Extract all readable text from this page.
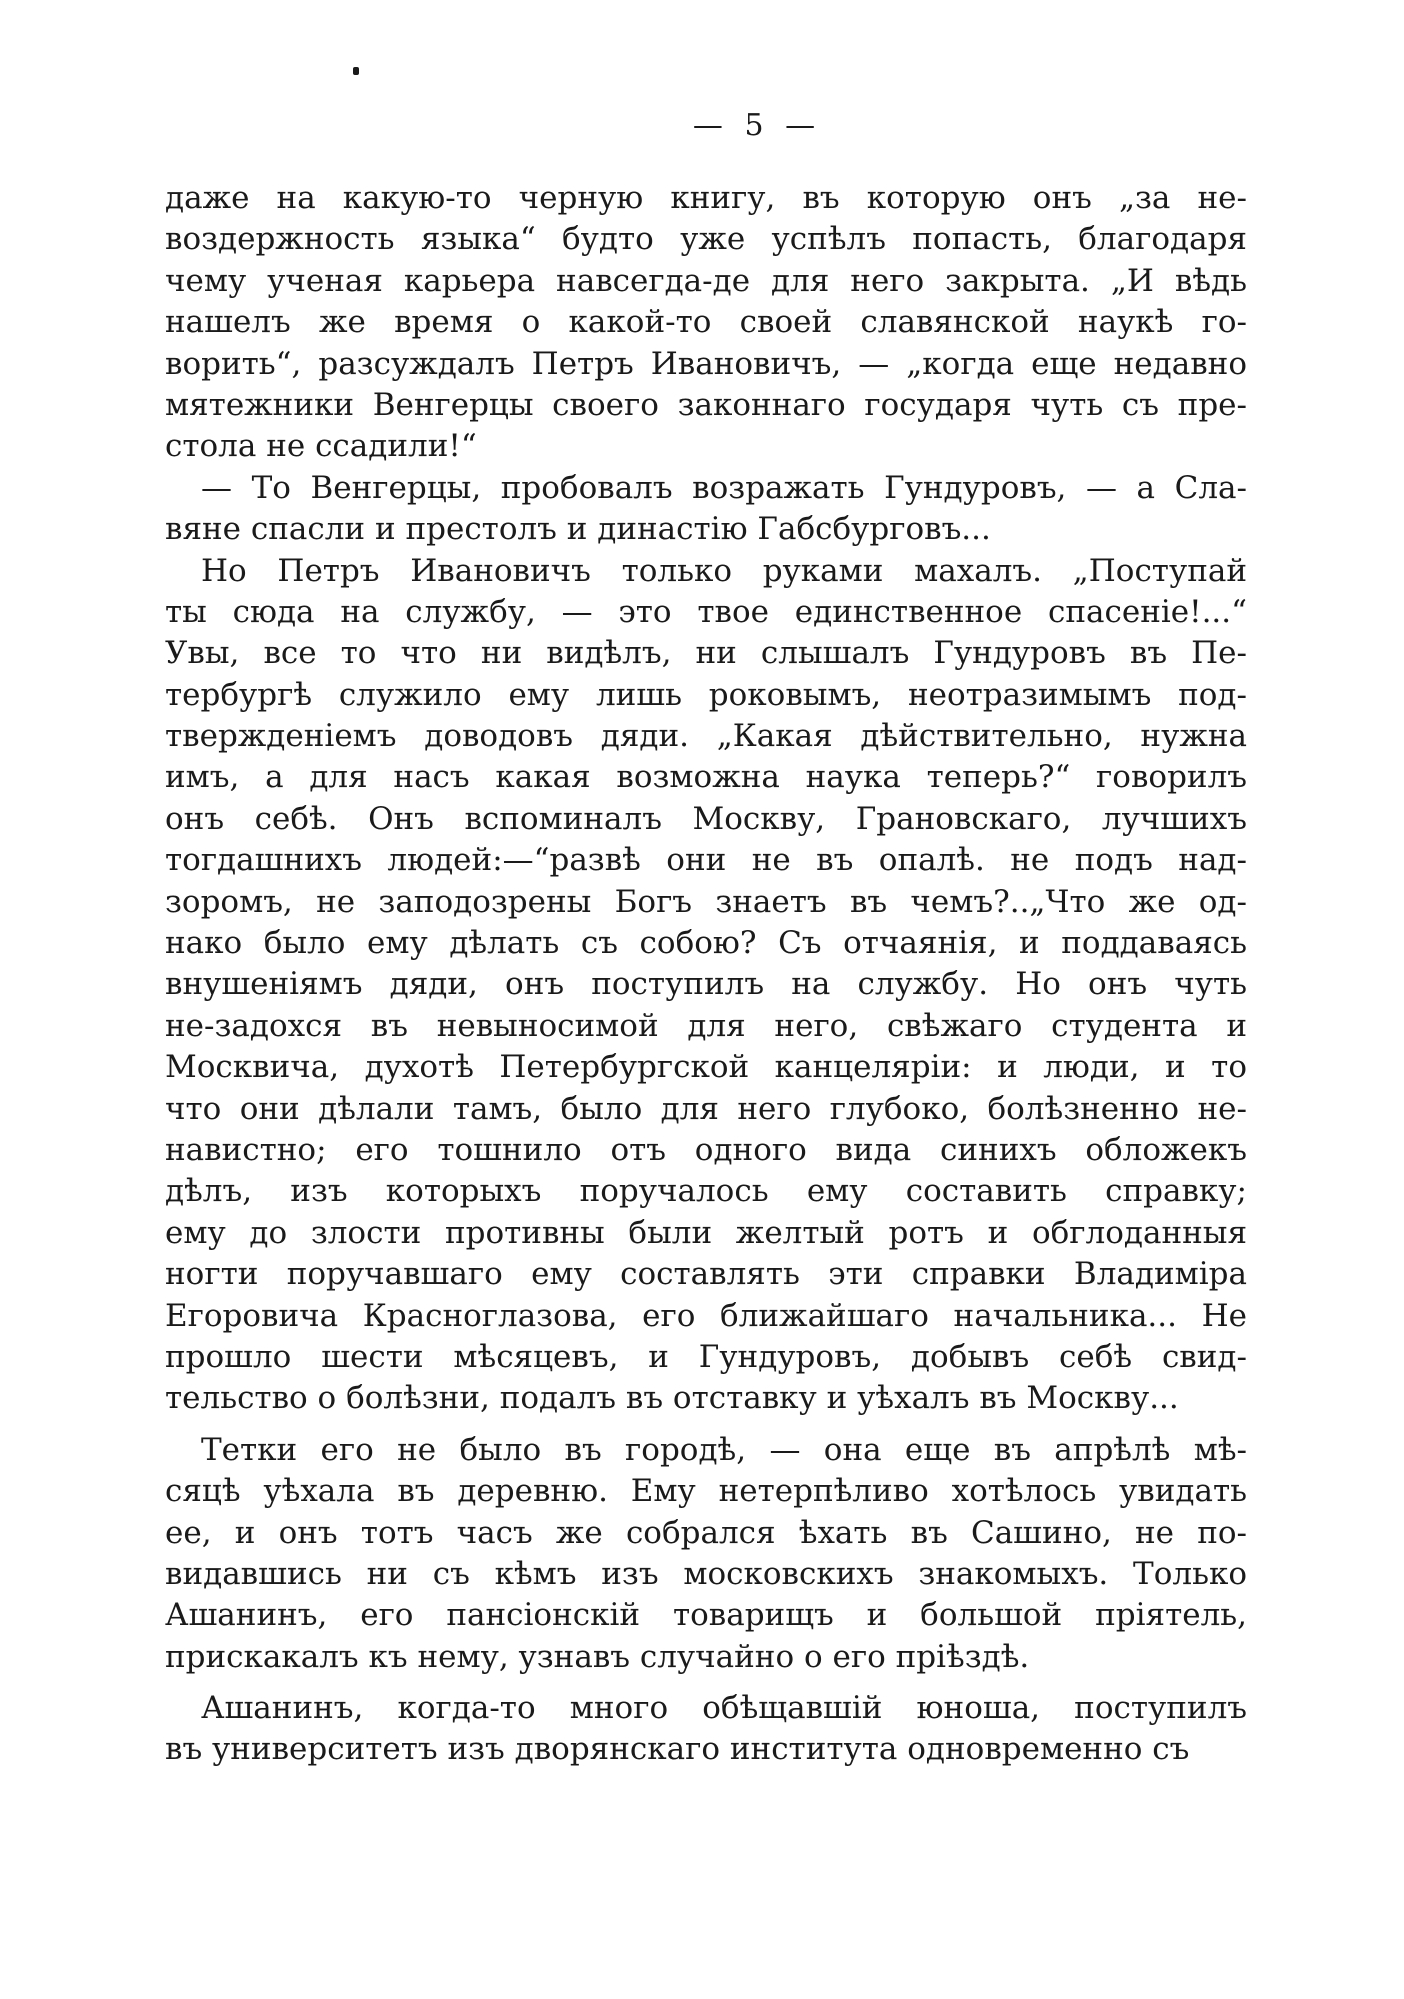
— 5 —
даже на какую-то черную книгу, въ которую онъ „за не-
воздержность языка“ будто уже успѣлъ попасть, благодаря
чему ученая карьера навсегда-де для него закрыта. „И вѣдь
нашелъ же время о какой-то своей славянской наукѣ го-
ворить“, разсуждалъ Петръ Ивановичъ, — „когда еще недавно
мятежники Венгерцы своего законнаго государя чуть съ пре-
стола не ссадили!“
— То Венгерцы, пробовалъ возражать Гундуровъ, — а Сла-
вяне спасли и престолъ и династію Габсбурговъ...
Но Петръ Ивановичъ только руками махалъ. „Поступай
ты сюда на службу, — это твое единственное спасеніе!...“
Увы, все то что ни видѣлъ, ни слышалъ Гундуровъ въ Пе-
тербургѣ служило ему лишь роковымъ, неотразимымъ под-
твержденіемъ доводовъ дяди. „Какая дѣйствительно, нужна
имъ, а для насъ какая возможна наука теперь?“ говорилъ
онъ себѣ. Онъ вспоминалъ Москву, Грановскаго, лучшихъ
тогдашнихъ людей:—“развѣ они не въ опалѣ. не подъ над-
зоромъ, не заподозрены Богъ знаетъ въ чемъ?..„Что же од-
нако было ему дѣлать съ собою? Съ отчаянія, и поддаваясь
внушеніямъ дяди, онъ поступилъ на службу. Но онъ чуть
не-задохся въ невыносимой для него, свѣжаго студента и
Москвича, духотѣ Петербургской канцеляріи: и люди, и то
что они дѣлали тамъ, было для него глубоко, болѣзненно не-
навистно; его тошнило отъ одного вида синихъ обложекъ
дѣлъ, изъ которыхъ поручалось ему составить справку;
ему до злости противны были желтый ротъ и обглоданныя
ногти поручавшаго ему составлять эти справки Владиміра
Егоровича Красноглазова, его ближайшаго начальника... Не
прошло шести мѣсяцевъ, и Гундуровъ, добывъ себѣ свид-
тельство о болѣзни, подалъ въ отставку и уѣхалъ въ Москву...
Тетки его не было въ городѣ, — она еще въ апрѣлѣ мѣ-
сяцѣ уѣхала въ деревню. Ему нетерпѣливо хотѣлось увидать
ее, и онъ тотъ часъ же собрался ѣхать въ Сашино, не по-
видавшись ни съ кѣмъ изъ московскихъ знакомыхъ. Только
Ашанинъ, его пансіонскій товарищъ и большой пріятель,
прискакалъ къ нему, узнавъ случайно о его пріѣздѣ.
Ашанинъ, когда-то много обѣщавшій юноша, поступилъ
въ университетъ изъ дворянскаго института одновременно съ
